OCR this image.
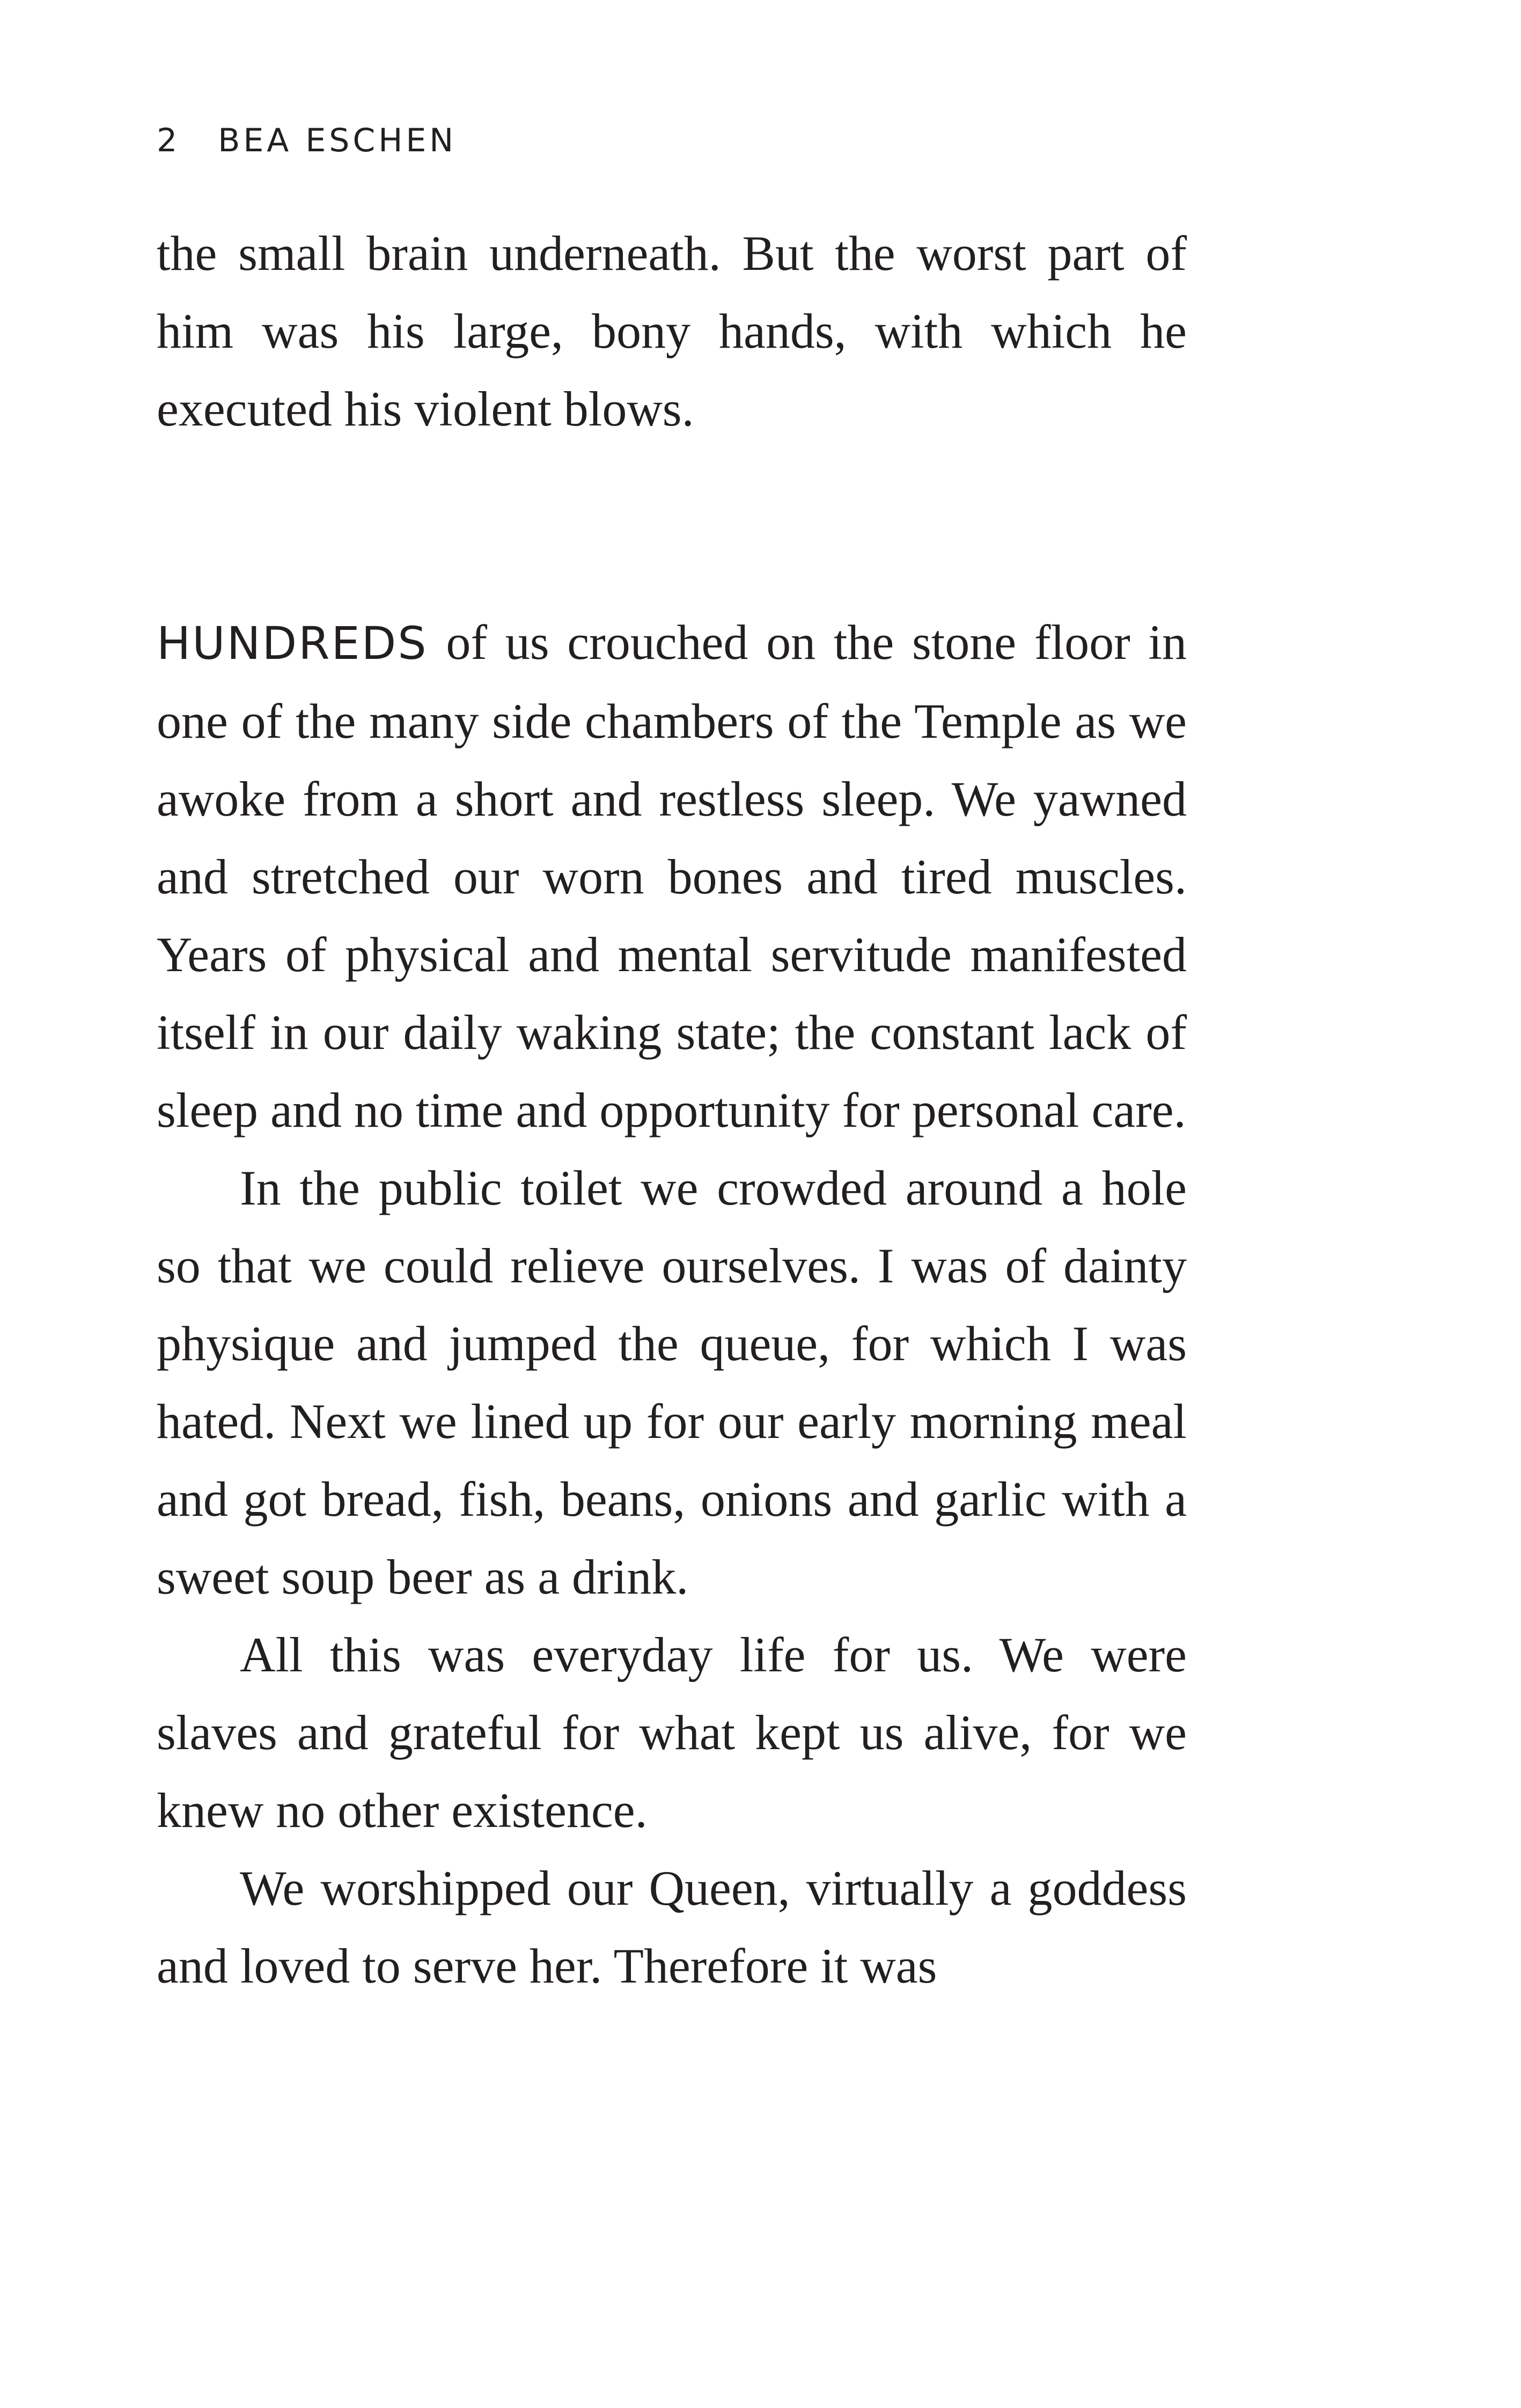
2 BEA ESCHEN

the small brain underneath. But the worst part of him was his large, bony hands, with which he executed his violent blows.

HUNDREDS of us crouched on the stone floor in one of the many side chambers of the Temple as we awoke from a short and restless sleep. We yawned and stretched our worn bones and tired muscles. Years of physical and mental servitude manifested itself in our daily waking state; the constant lack of sleep and no time and opportunity for personal care.

In the public toilet we crowded around a hole so that we could relieve ourselves. I was of dainty physique and jumped the queue, for which I was hated. Next we lined up for our early morning meal and got bread, fish, beans, onions and garlic with a sweet soup beer as a drink.

All this was everyday life for us. We were slaves and grateful for what kept us alive, for we knew no other existence.

We worshipped our Queen, virtually a goddess and loved to serve her. Therefore it was
